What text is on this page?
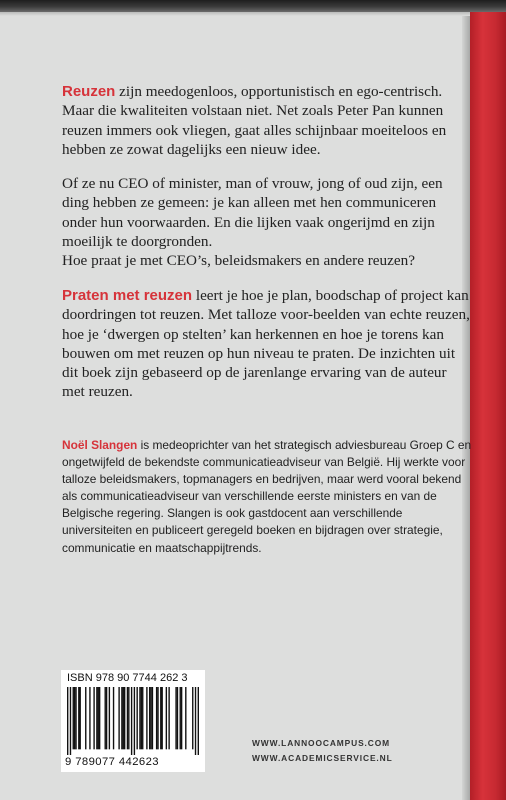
Reuzen zijn meedogenloos, opportunistisch en ego-centrisch. Maar die kwaliteiten volstaan niet. Net zoals Peter Pan kunnen reuzen immers ook vliegen, gaat alles schijnbaar moeiteloos en hebben ze zowat dagelijks een nieuw idee.

Of ze nu CEO of minister, man of vrouw, jong of oud zijn, een ding hebben ze gemeen: je kan alleen met hen communiceren onder hun voorwaarden. En die lijken vaak ongerijmd en zijn moeilijk te doorgronden.
Hoe praat je met CEO’s, beleidsmakers en andere reuzen?

Praten met reuzen leert je hoe je plan, boodschap of project kan doordringen tot reuzen. Met talloze voor-beelden van echte reuzen, hoe je ‘dwergen op stelten’ kan herkennen en hoe je torens kan bouwen om met reuzen op hun niveau te praten. De inzichten uit dit boek zijn gebaseerd op de jarenlange ervaring van de auteur met reuzen.

Noël Slangen is medeoprichter van het strategisch adviesbureau Groep C en ongetwijfeld de bekendste communicatieadviseur van België. Hij werkte voor talloze beleidsmakers, topmanagers en bedrijven, maar werd vooral bekend als communicatieadviseur van verschillende eerste ministers en van de Belgische regering. Slangen is ook gastdocent aan verschillende universiteiten en publiceert geregeld boeken en bijdragen over strategie, communicatie en maatschappijtrends.

ISBN 978 90 7744 262 3
9 789077 442623
WWW.LANNOOCAMPUS.COM
WWW.ACADEMICSERVICE.NL
